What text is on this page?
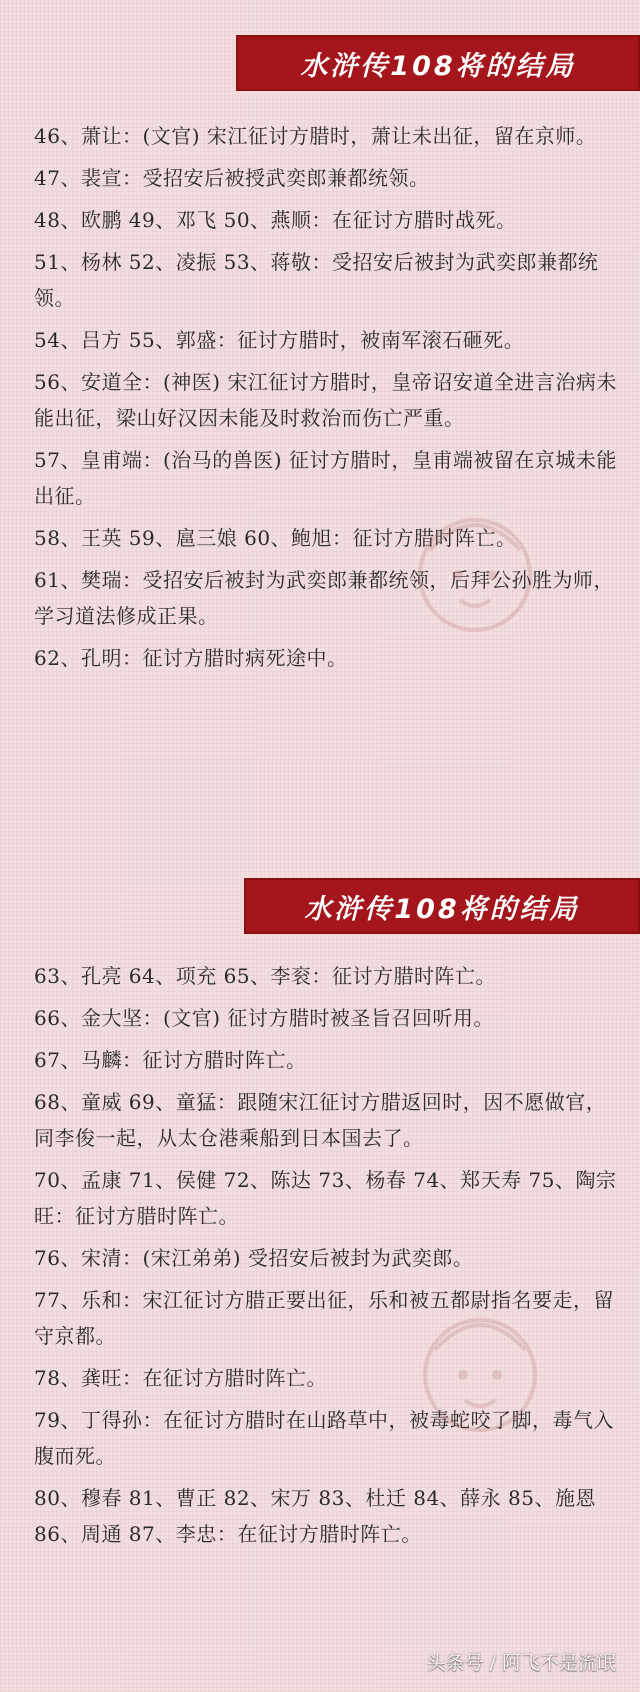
水浒传108将的结局
46、萧让：(文官) 宋江征讨方腊时，萧让未出征，留在京师。
47、裴宣：受招安后被授武奕郎兼都统领。
48、欧鹏 49、邓飞 50、燕顺：在征讨方腊时战死。
51、杨林 52、凌振 53、蒋敬：受招安后被封为武奕郎兼都统领。
54、吕方 55、郭盛：征讨方腊时，被南军滚石砸死。
56、安道全：(神医) 宋江征讨方腊时，皇帝诏安道全进言治病未能出征，梁山好汉因未能及时救治而伤亡严重。
57、皇甫端：(治马的兽医) 征讨方腊时，皇甫端被留在京城未能出征。
58、王英 59、扈三娘 60、鲍旭：征讨方腊时阵亡。
61、樊瑞：受招安后被封为武奕郎兼都统领，后拜公孙胜为师，学习道法修成正果。
62、孔明：征讨方腊时病死途中。
水浒传108将的结局
63、孔亮 64、项充 65、李衮：征讨方腊时阵亡。
66、金大坚：(文官) 征讨方腊时被圣旨召回听用。
67、马麟：征讨方腊时阵亡。
68、童威 69、童猛：跟随宋江征讨方腊返回时，因不愿做官，同李俊一起，从太仓港乘船到日本国去了。
70、孟康 71、侯健 72、陈达 73、杨春 74、郑天寿 75、陶宗旺：征讨方腊时阵亡。
76、宋清：(宋江弟弟) 受招安后被封为武奕郎。
77、乐和：宋江征讨方腊正要出征，乐和被五都尉指名要走，留守京都。
78、龚旺：在征讨方腊时阵亡。
79、丁得孙：在征讨方腊时在山路草中，被毒蛇咬了脚，毒气入腹而死。
80、穆春 81、曹正 82、宋万 83、杜迁 84、薛永 85、施恩 86、周通 87、李忠：在征讨方腊时阵亡。
头条号 / 阿飞不是流氓
